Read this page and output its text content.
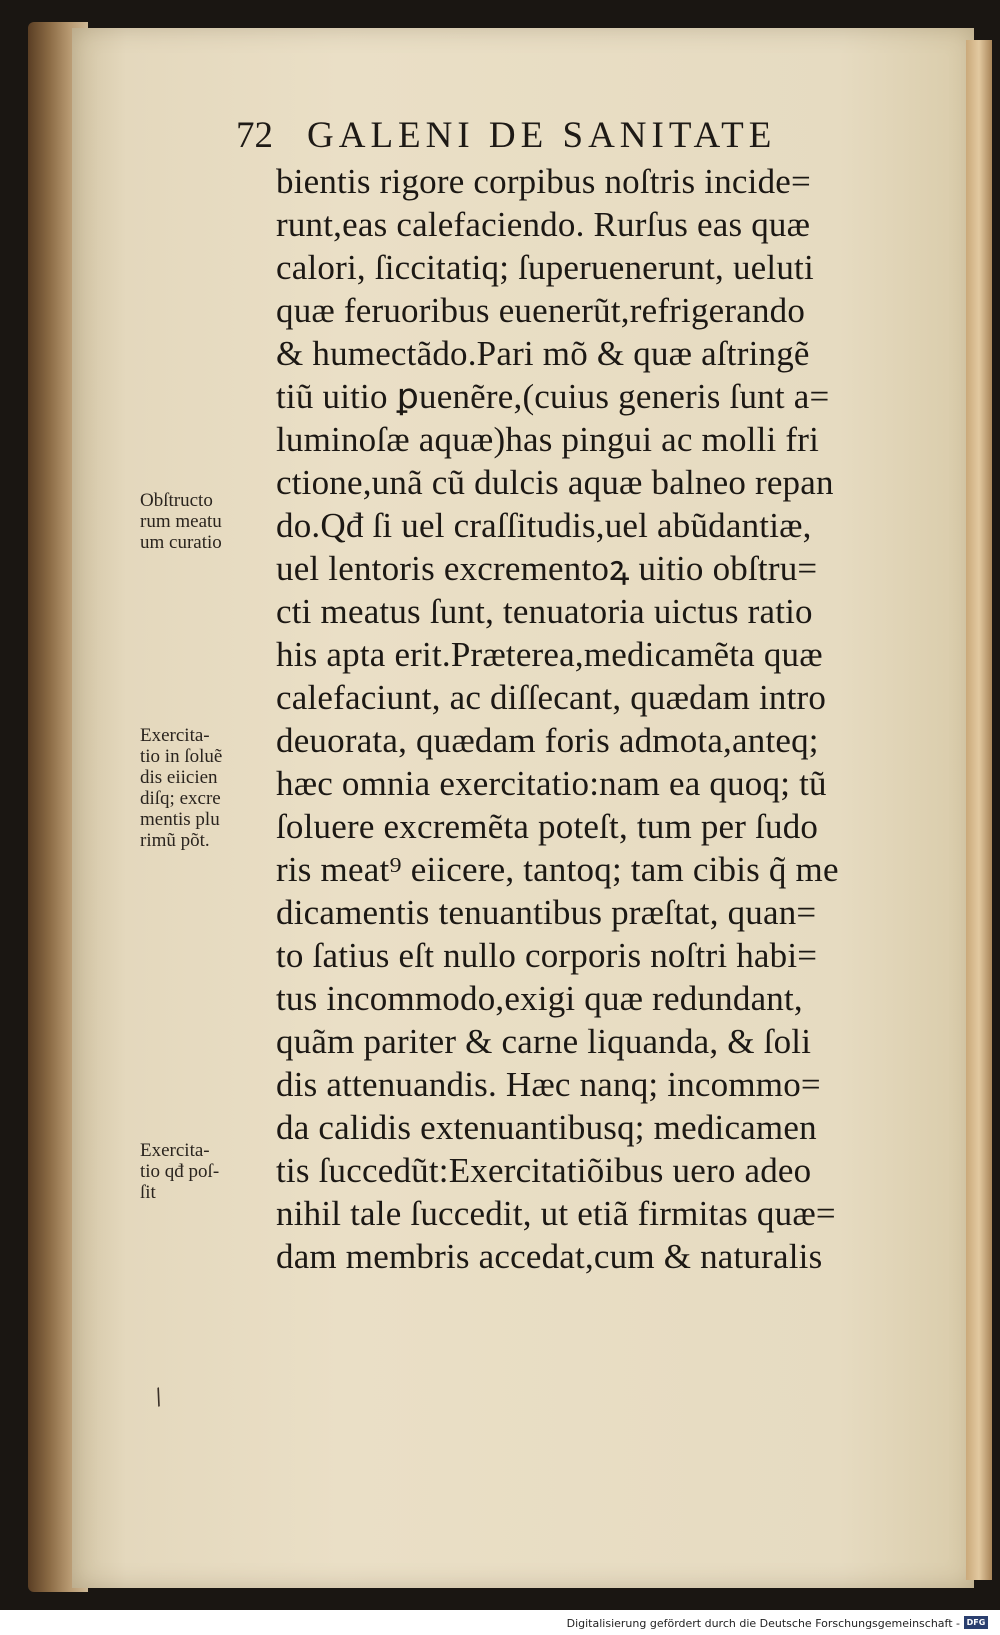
72 GALENI DE SANITATE
bientis rigore corpibus noſtris incide=
runt,eas calefaciendo. Rurſus eas quæ
calori, ſiccitatiq; ſuperuenerunt, ueluti
quæ feruoribus euenerũt,refrigerando
& humectãdo.Pari mõ & quæ aſtringẽ
tiũ uitio ꝑuenẽre,(cuius generis ſunt a=
luminoſæ aquæ)has pingui ac molli fri
ctione,unã cũ dulcis aquæ balneo repan
do.Qđ ſi uel craſſitudis,uel abũdantiæ,
uel lentoris excrementoꝝ uitio obſtru=
cti meatus ſunt, tenuatoria uictus ratio
his apta erit.Præterea,medicamẽta quæ
calefaciunt, ac diſſecant, quædam intro
deuorata, quædam foris admota,anteq;
hæc omnia exercitatio:nam ea quoq; tũ
ſoluere excremẽta poteſt, tum per ſudo
ris meat⁹ eiicere, tantoq; tam cibis q̃ me
dicamentis tenuantibus præſtat, quan=
to ſatius eſt nullo corporis noſtri habi=
tus incommodo,exigi quæ redundant,
quãm pariter & carne liquanda, & ſoli
dis attenuandis. Hæc nanq; incommo=
da calidis extenuantibusq; medicamen
tis ſuccedũt:Exercitatiõibus uero adeo
nihil tale ſuccedit, ut etiã firmitas quæ=
dam membris accedat,cum & naturalis
Obſtructo
rum meatu
um curatio
Exercita-
tio in ſoluẽ
dis eiicien
diſq; excre
mentis plu
rimũ põt.
Exercita-
tio qđ poſ-
ſit
/
Digitalisierung gefördert durch die Deutsche Forschungsgemeinschaft - DFG
